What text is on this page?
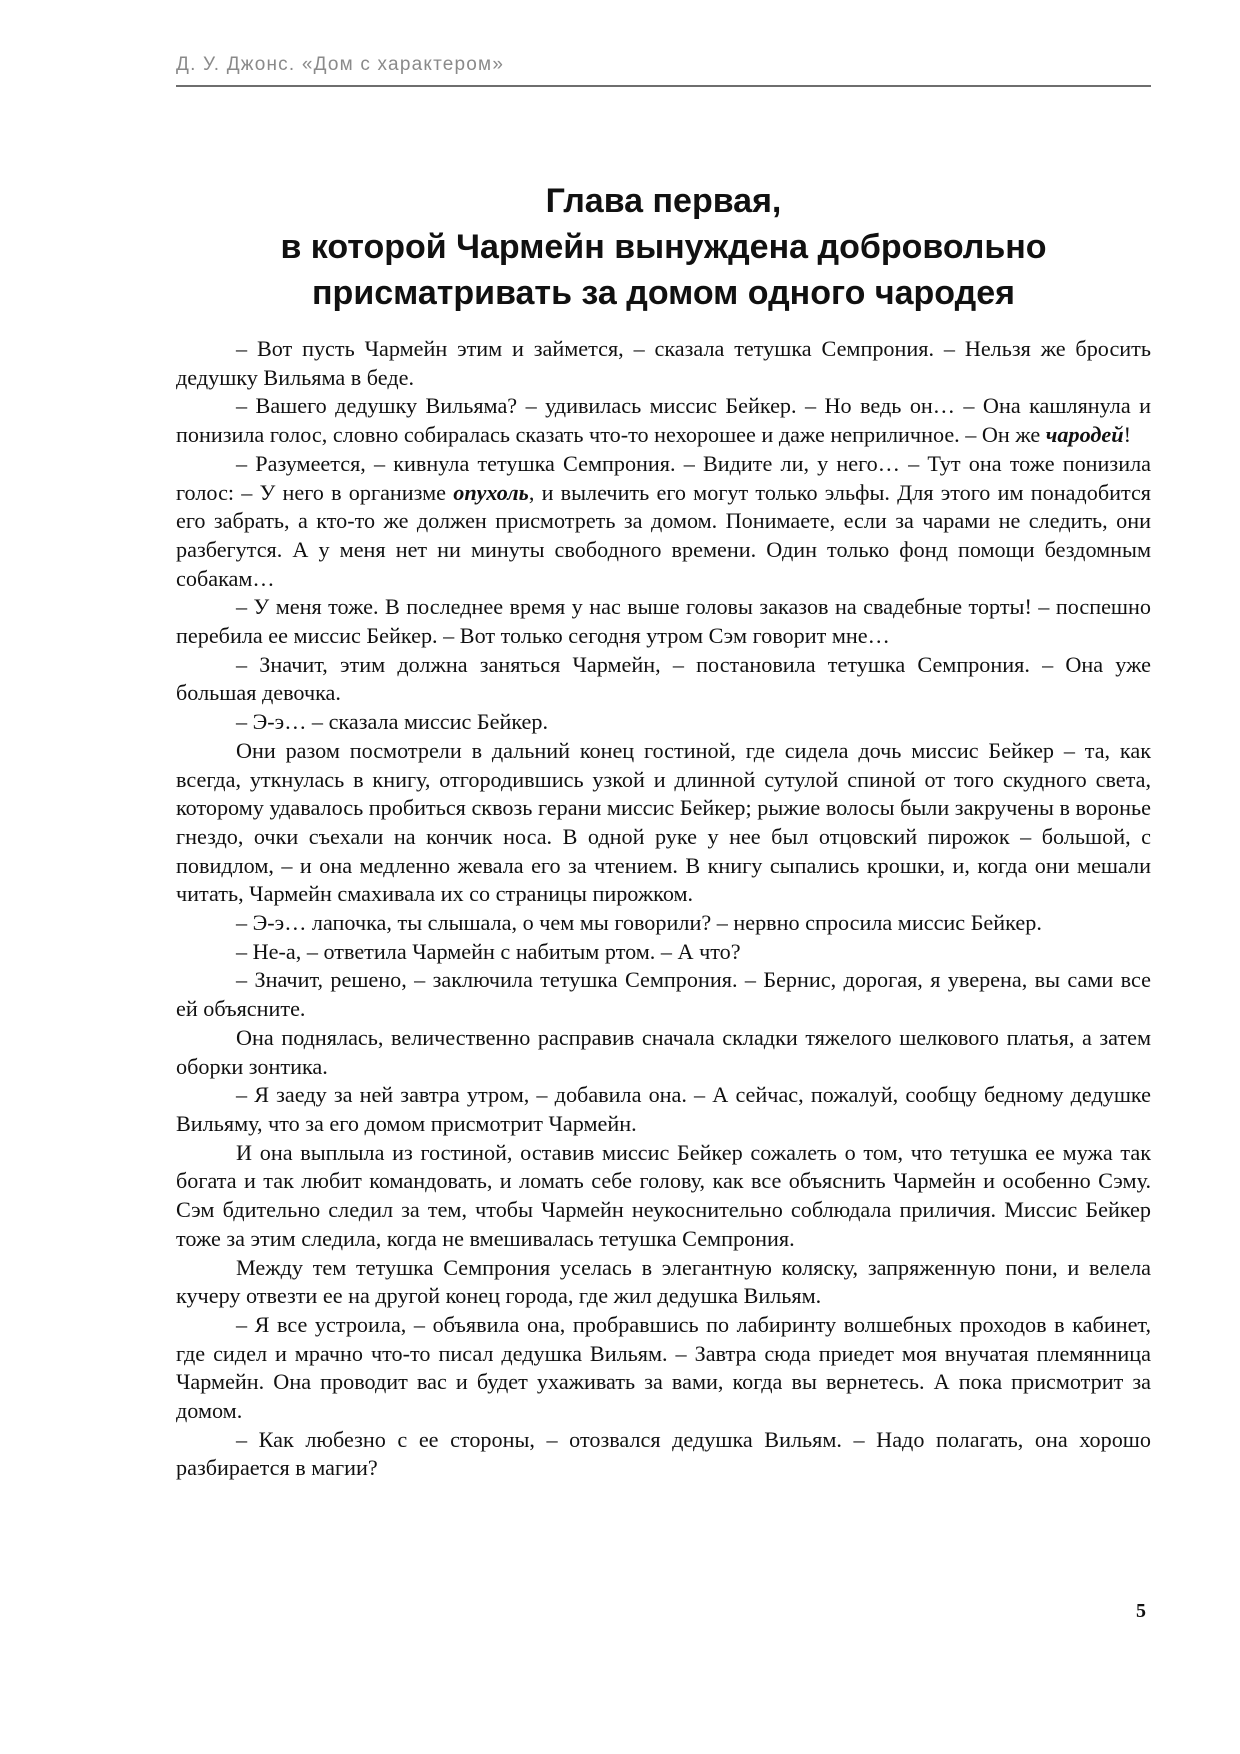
Д. У. Джонс. «Дом с характером»
Глава первая,
в которой Чармейн вынуждена добровольно
присматривать за домом одного чародея

– Вот пусть Чармейн этим и займется, – сказала тетушка Семпрония. – Нельзя же бросить дедушку Вильяма в беде.

– Вашего дедушку Вильяма? – удивилась миссис Бейкер. – Но ведь он… – Она кашлянула и понизила голос, словно собиралась сказать что-то нехорошее и даже неприличное. – Он же чародей!

– Разумеется, – кивнула тетушка Семпрония. – Видите ли, у него… – Тут она тоже понизила голос: – У него в организме опухоль, и вылечить его могут только эльфы. Для этого им понадобится его забрать, а кто-то же должен присмотреть за домом. Понимаете, если за чарами не следить, они разбегутся. А у меня нет ни минуты свободного времени. Один только фонд помощи бездомным собакам…

– У меня тоже. В последнее время у нас выше головы заказов на свадебные торты! – поспешно перебила ее миссис Бейкер. – Вот только сегодня утром Сэм говорит мне…

– Значит, этим должна заняться Чармейн, – постановила тетушка Семпрония. – Она уже большая девочка.

– Э-э… – сказала миссис Бейкер.

Они разом посмотрели в дальний конец гостиной, где сидела дочь миссис Бейкер – та, как всегда, уткнулась в книгу, отгородившись узкой и длинной сутулой спиной от того скудного света, которому удавалось пробиться сквозь герани миссис Бейкер; рыжие волосы были закручены в воронье гнездо, очки съехали на кончик носа. В одной руке у нее был отцовский пирожок – большой, с повидлом, – и она медленно жевала его за чтением. В книгу сыпались крошки, и, когда они мешали читать, Чармейн смахивала их со страницы пирожком.

– Э-э… лапочка, ты слышала, о чем мы говорили? – нервно спросила миссис Бейкер.

– Не-а, – ответила Чармейн с набитым ртом. – А что?

– Значит, решено, – заключила тетушка Семпрония. – Бернис, дорогая, я уверена, вы сами все ей объясните.

Она поднялась, величественно расправив сначала складки тяжелого шелкового платья, а затем оборки зонтика.

– Я заеду за ней завтра утром, – добавила она. – А сейчас, пожалуй, сообщу бедному дедушке Вильяму, что за его домом присмотрит Чармейн.

И она выплыла из гостиной, оставив миссис Бейкер сожалеть о том, что тетушка ее мужа так богата и так любит командовать, и ломать себе голову, как все объяснить Чармейн и особенно Сэму. Сэм бдительно следил за тем, чтобы Чармейн неукоснительно соблюдала приличия. Миссис Бейкер тоже за этим следила, когда не вмешивалась тетушка Семпрония.

Между тем тетушка Семпрония уселась в элегантную коляску, запряженную пони, и велела кучеру отвезти ее на другой конец города, где жил дедушка Вильям.

– Я все устроила, – объявила она, пробравшись по лабиринту волшебных проходов в кабинет, где сидел и мрачно что-то писал дедушка Вильям. – Завтра сюда приедет моя внучатая племянница Чармейн. Она проводит вас и будет ухаживать за вами, когда вы вернетесь. А пока присмотрит за домом.

– Как любезно с ее стороны, – отозвался дедушка Вильям. – Надо полагать, она хорошо разбирается в магии?

5
